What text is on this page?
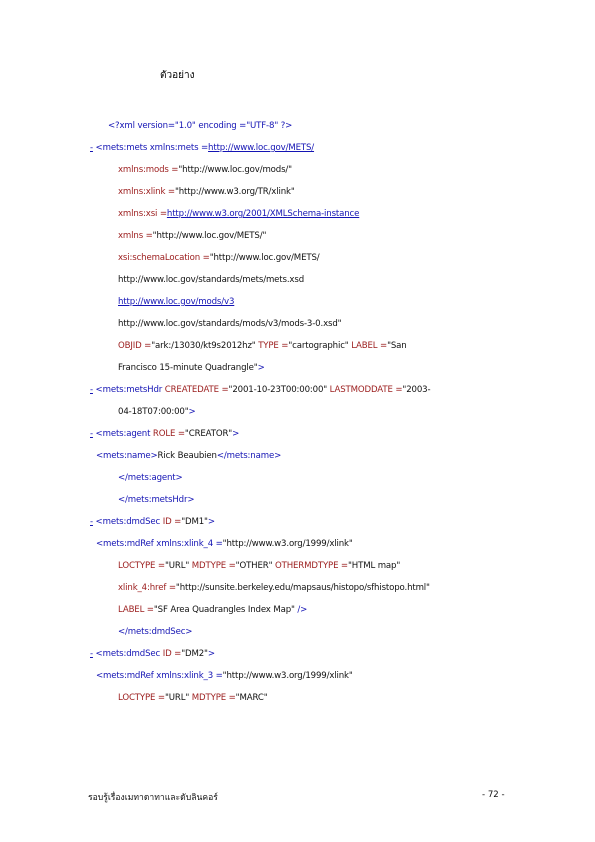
ตัวอย่าง
<?xml version="1.0" encoding ="UTF-8" ?>
- <mets:mets xmlns:mets =http://www.loc.gov/METS/
xmlns:mods ="http://www.loc.gov/mods/"
xmlns:xlink ="http://www.w3.org/TR/xlink"
xmlns:xsi =http://www.w3.org/2001/XMLSchema-instance
xmlns ="http://www.loc.gov/METS/"
xsi:schemaLocation ="http://www.loc.gov/METS/
http://www.loc.gov/standards/mets/mets.xsd
http://www.loc.gov/mods/v3
http://www.loc.gov/standards/mods/v3/mods-3-0.xsd"
OBJID ="ark:/13030/kt9s2012hz" TYPE ="cartographic" LABEL ="San
Francisco 15-minute Quadrangle">
- <mets:metsHdr CREATEDATE ="2001-10-23T00:00:00" LASTMODDATE ="2003-
04-18T07:00:00">
- <mets:agent ROLE ="CREATOR">
<mets:name>Rick Beaubien</mets:name>
</mets:agent>
</mets:metsHdr>
- <mets:dmdSec ID ="DM1">
<mets:mdRef xmlns:xlink_4 ="http://www.w3.org/1999/xlink"
LOCTYPE ="URL" MDTYPE ="OTHER" OTHERMDTYPE ="HTML map"
xlink_4:href ="http://sunsite.berkeley.edu/mapsaus/histopo/sfhistopo.html"
LABEL ="SF Area Quadrangles Index Map" />
</mets:dmdSec>
- <mets:dmdSec ID ="DM2">
<mets:mdRef xmlns:xlink_3 ="http://www.w3.org/1999/xlink"
LOCTYPE ="URL" MDTYPE ="MARC"
รอบรู้เรื่องเมทาดาทาและดับลินคอร์	- 72 -
